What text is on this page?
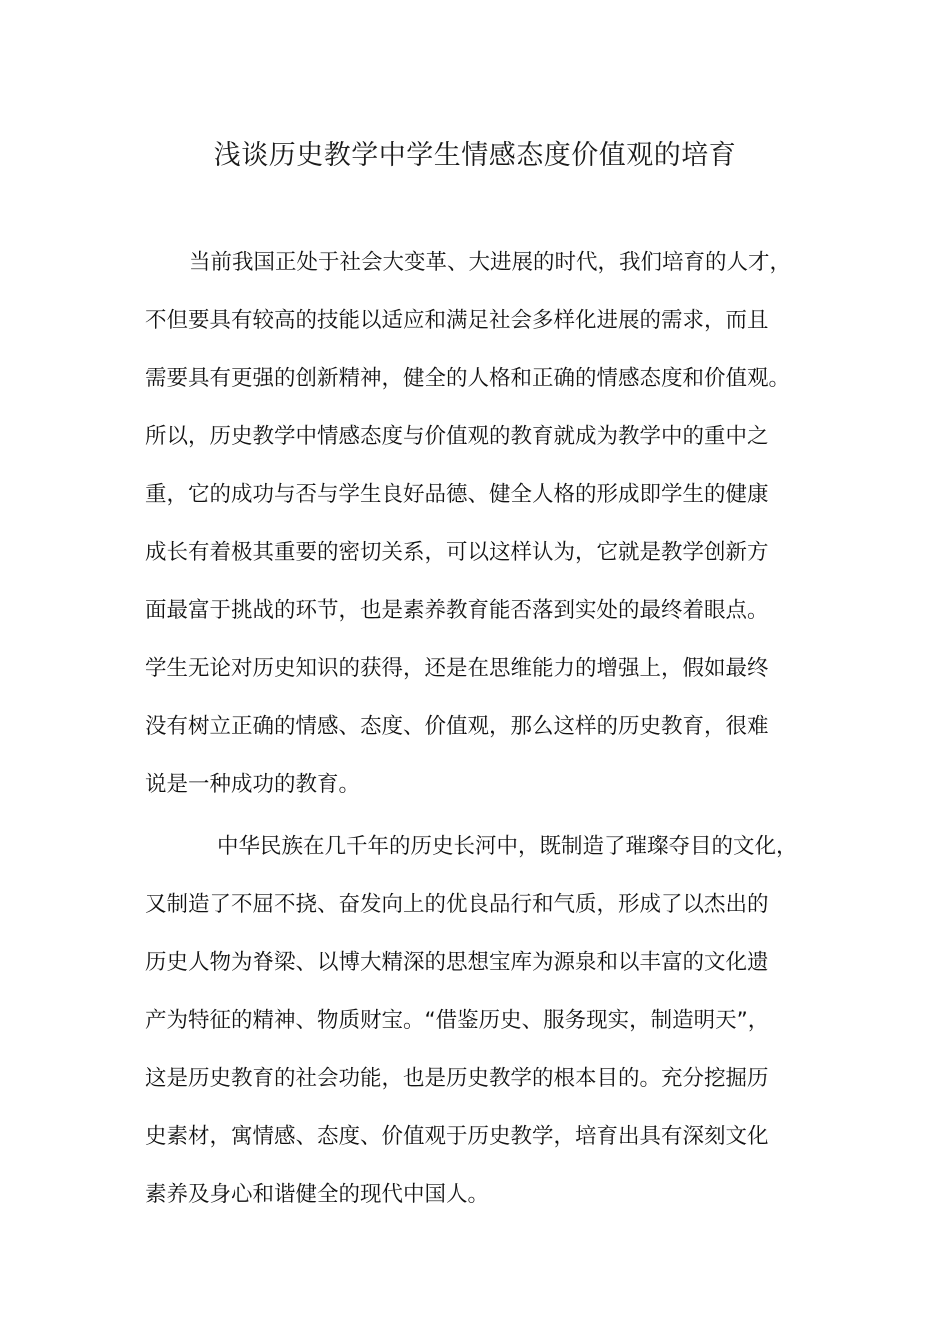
浅谈历史教学中学生情感态度价值观的培育
当前我国正处于社会大变革、大进展的时代，我们培育的人才，
不但要具有较高的技能以适应和满足社会多样化进展的需求，而且
需要具有更强的创新精神，健全的人格和正确的情感态度和价值观。
所以，历史教学中情感态度与价值观的教育就成为教学中的重中之
重，它的成功与否与学生良好品德、健全人格的形成即学生的健康
成长有着极其重要的密切关系，可以这样认为，它就是教学创新方
面最富于挑战的环节，也是素养教育能否落到实处的最终着眼点。
学生无论对历史知识的获得，还是在思维能力的增强上，假如最终
没有树立正确的情感、态度、价值观，那么这样的历史教育，很难
说是一种成功的教育。
中华民族在几千年的历史长河中，既制造了璀璨夺目的文化，
又制造了不屈不挠、奋发向上的优良品行和气质，形成了以杰出的
历史人物为脊梁、以博大精深的思想宝库为源泉和以丰富的文化遗
产为特征的精神、物质财宝。“借鉴历史、服务现实，制造明天”，
这是历史教育的社会功能，也是历史教学的根本目的。充分挖掘历
史素材，寓情感、态度、价值观于历史教学，培育出具有深刻文化
素养及身心和谐健全的现代中国人。
